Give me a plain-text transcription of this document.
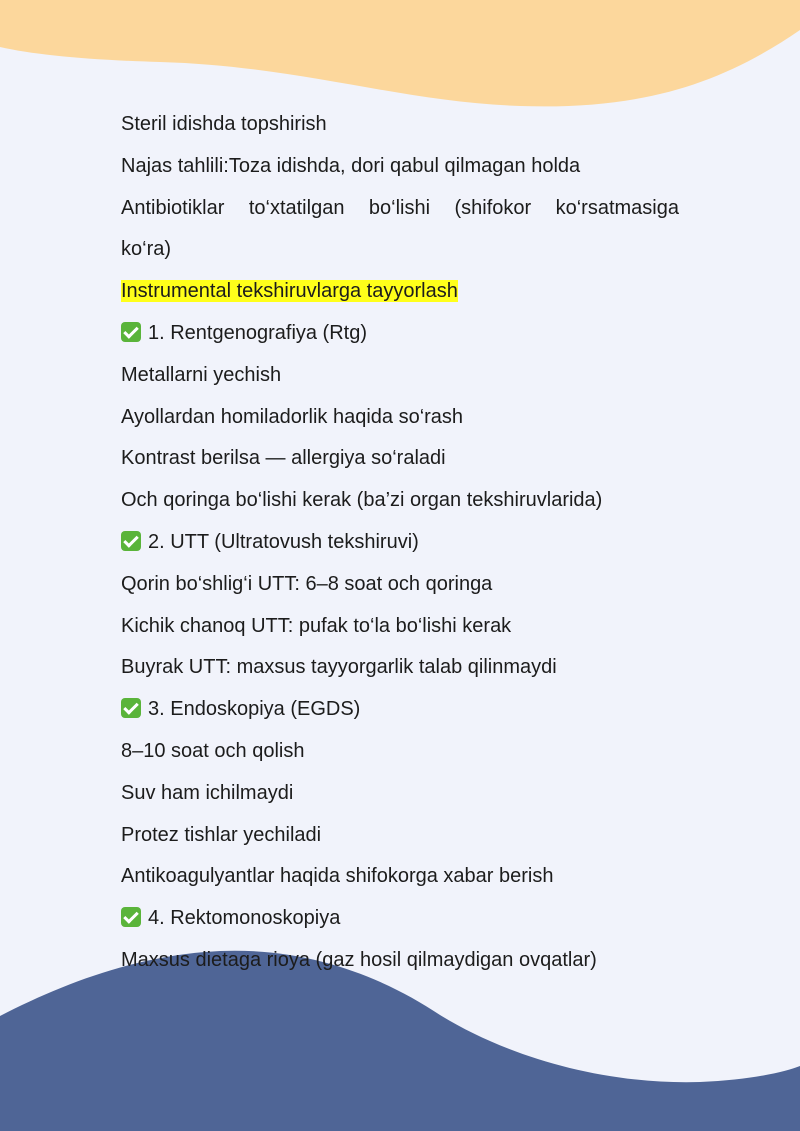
Steril idishda topshirish
Najas tahlili:Toza idishda, dori qabul qilmagan holda
Antibiotiklar to‘xtatilgan bo‘lishi (shifokor ko‘rsatmasiga
ko‘ra)
Instrumental tekshiruvlarga tayyorlash
1. Rentgenografiya (Rtg)
Metallarni yechish
Ayollardan homiladorlik haqida so‘rash
Kontrast berilsa — allergiya so‘raladi
Och qoringa bo‘lishi kerak (ba’zi organ tekshiruvlarida)
2. UTT (Ultratovush tekshiruvi)
Qorin bo‘shlig‘i UTT: 6–8 soat och qoringa
Kichik chanoq UTT: pufak to‘la bo‘lishi kerak
Buyrak UTT: maxsus tayyorgarlik talab qilinmaydi
3. Endoskopiya (EGDS)
8–10 soat och qolish
Suv ham ichilmaydi
Protez tishlar yechiladi
Antikoagulyantlar haqida shifokorga xabar berish
4. Rektomonoskopiya
Maxsus dietaga rioya (gaz hosil qilmaydigan ovqatlar)
